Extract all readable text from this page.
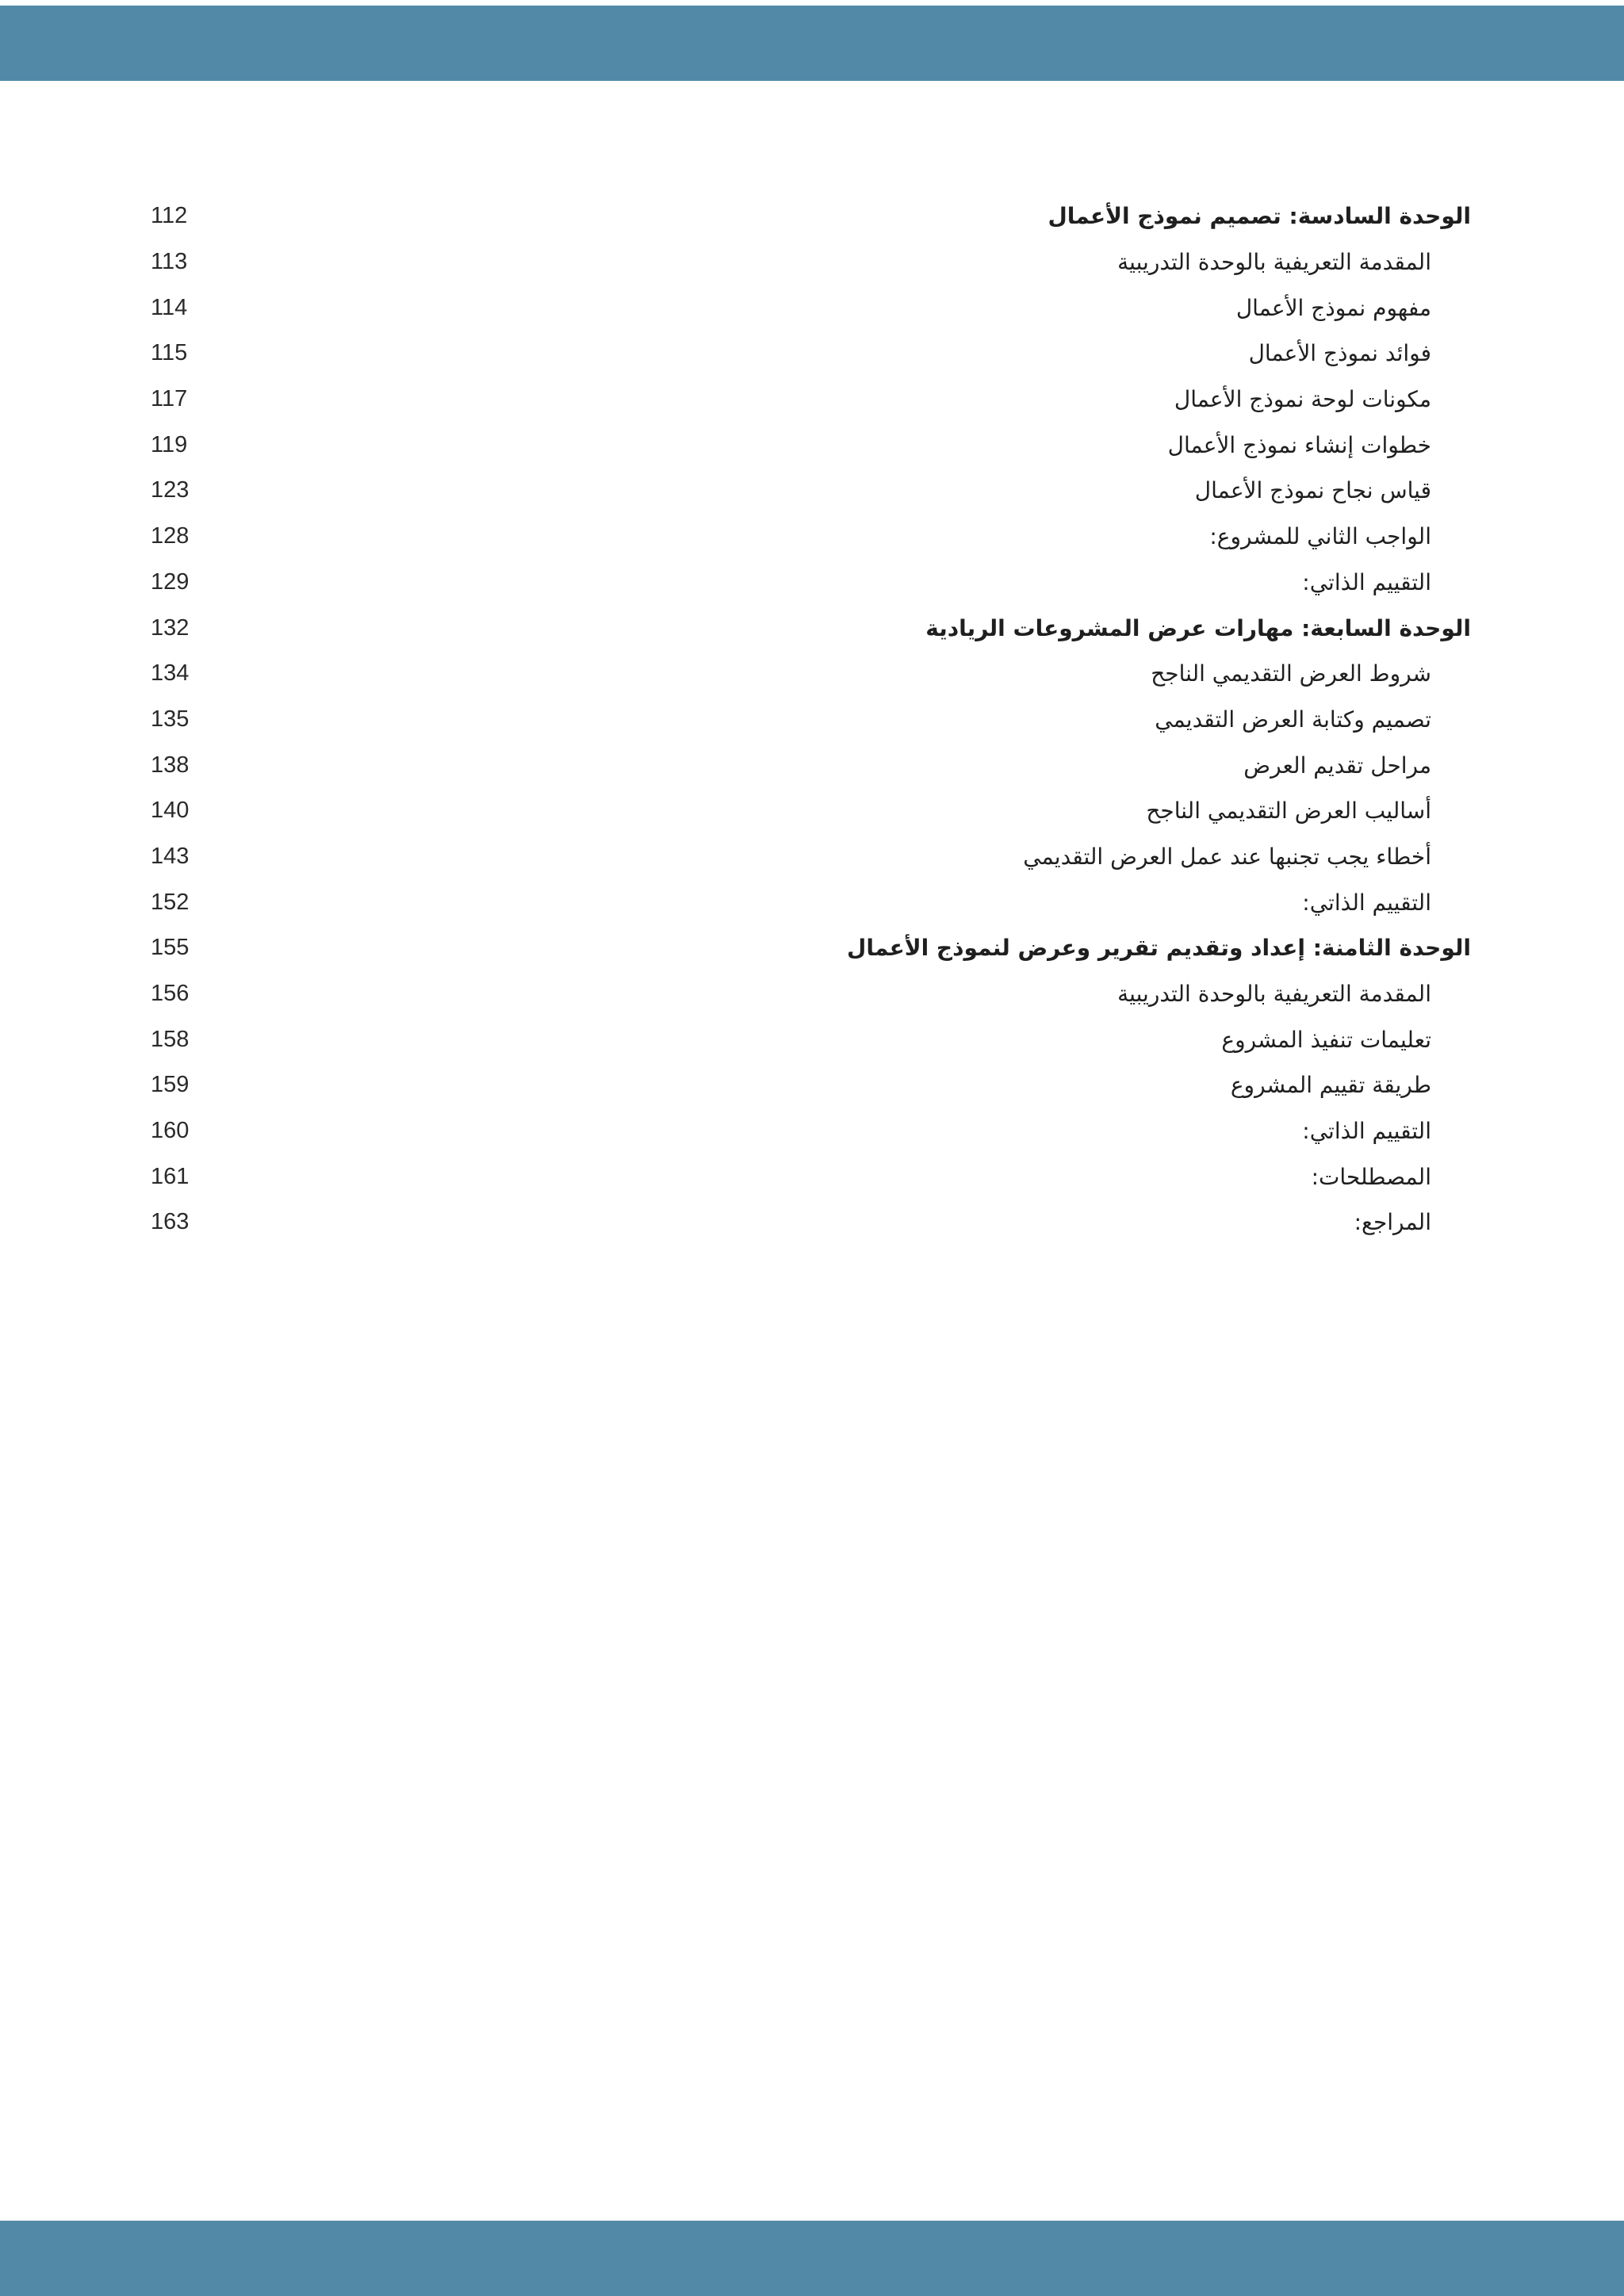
112	الوحدة السادسة: تصميم نموذج الأعمال
113	المقدمة التعريفية بالوحدة التدريبية
114	مفهوم نموذج الأعمال
115	فوائد نموذج الأعمال
117	مكونات لوحة نموذج الأعمال
119	خطوات إنشاء نموذج الأعمال
123	قياس نجاح نموذج الأعمال
128	الواجب الثاني للمشروع:
129	التقييم الذاتي:
132	الوحدة السابعة: مهارات عرض المشروعات الريادية
134	شروط العرض التقديمي الناجح
135	تصميم وكتابة العرض التقديمي
138	مراحل تقديم العرض
140	أساليب العرض التقديمي الناجح
143	أخطاء يجب تجنبها عند عمل العرض التقديمي
152	التقييم الذاتي:
155	الوحدة الثامنة: إعداد وتقديم تقرير وعرض لنموذج الأعمال
156	المقدمة التعريفية بالوحدة التدريبية
158	تعليمات تنفيذ المشروع
159	طريقة تقييم المشروع
160	التقييم الذاتي:
161	المصطلحات:
163	المراجع:
